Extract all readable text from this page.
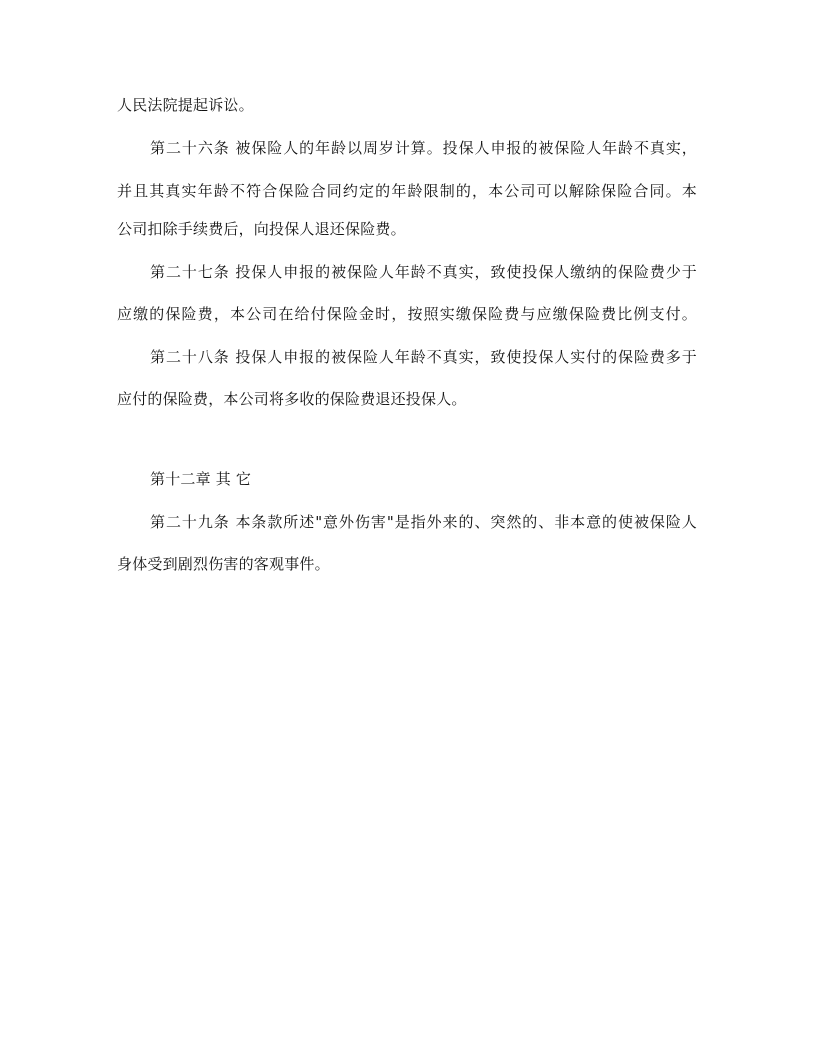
人民法院提起诉讼。
第二十六条 被保险人的年龄以周岁计算。投保人申报的被保险人年龄不真实，
并且其真实年龄不符合保险合同约定的年龄限制的，本公司可以解除保险合同。本
公司扣除手续费后，向投保人退还保险费。
第二十七条 投保人申报的被保险人年龄不真实，致使投保人缴纳的保险费少于
应缴的保险费，本公司在给付保险金时，按照实缴保险费与应缴保险费比例支付。
第二十八条 投保人申报的被保险人年龄不真实，致使投保人实付的保险费多于
应付的保险费，本公司将多收的保险费退还投保人。
第十二章 其 它
第二十九条 本条款所述"意外伤害"是指外来的、突然的、非本意的使被保险人
身体受到剧烈伤害的客观事件。
